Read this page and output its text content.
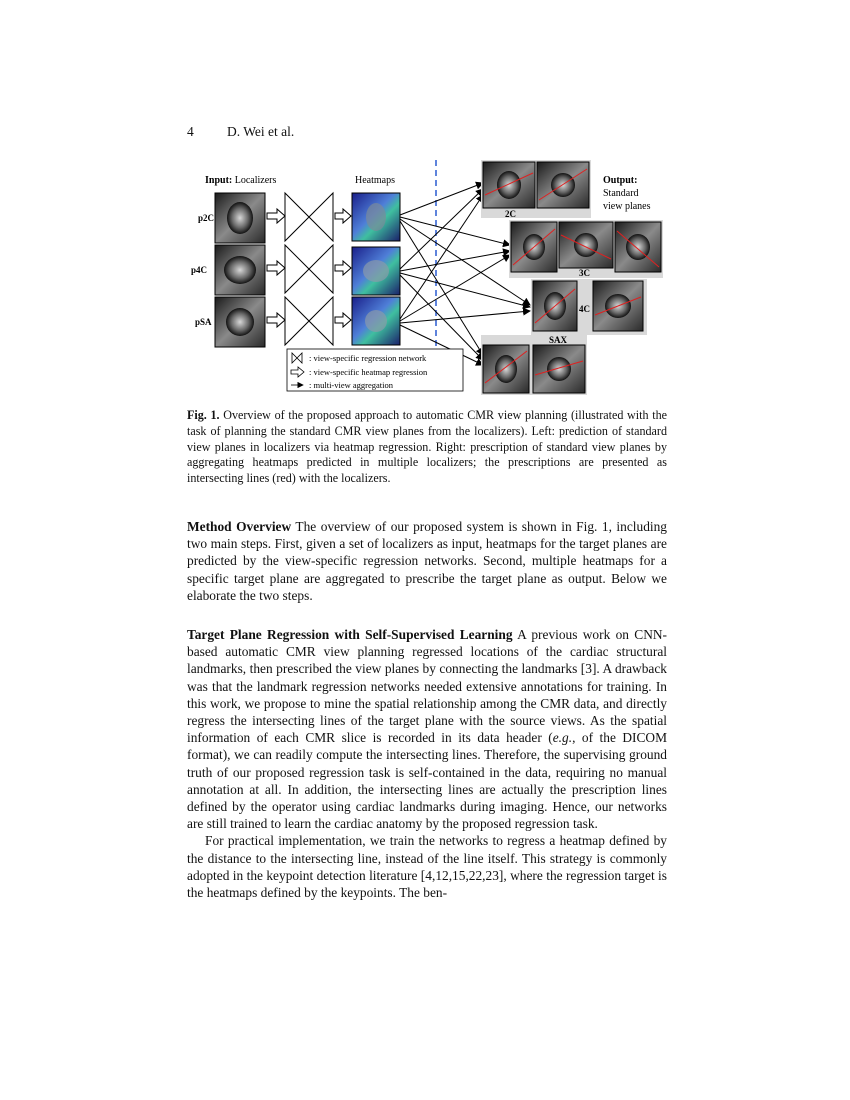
4 D. Wei et al.
Input: Localizers	Heatmaps	Output:
Standard
view planes
p2C
p4C
pSA
2C
3C
4C
SAX
: view-specific regression network
: view-specific heatmap regression
: multi-view aggregation
Fig. 1. Overview of the proposed approach to automatic CMR view planning (illustrated with the task of planning the standard CMR view planes from the localizers). Left: prediction of standard view planes in localizers via heatmap regression. Right: prescription of standard view planes by aggregating heatmaps predicted in multiple localizers; the prescriptions are presented as intersecting lines (red) with the localizers.

Method Overview The overview of our proposed system is shown in Fig. 1, including two main steps. First, given a set of localizers as input, heatmaps for the target planes are predicted by the view-specific regression networks. Second, multiple heatmaps for a specific target plane are aggregated to prescribe the target plane as output. Below we elaborate the two steps.

Target Plane Regression with Self-Supervised Learning A previous work on CNN-based automatic CMR view planning regressed locations of the cardiac structural landmarks, then prescribed the view planes by connecting the landmarks [3]. A drawback was that the landmark regression networks needed extensive annotations for training. In this work, we propose to mine the spatial relationship among the CMR data, and directly regress the intersecting lines of the target plane with the source views. As the spatial information of each CMR slice is recorded in its data header (e.g., of the DICOM format), we can readily compute the intersecting lines. Therefore, the supervising ground truth of our proposed regression task is self-contained in the data, requiring no manual annotation at all. In addition, the intersecting lines are actually the prescription lines defined by the operator using cardiac landmarks during imaging. Hence, our networks are still trained to learn the cardiac anatomy by the proposed regression task.

For practical implementation, we train the networks to regress a heatmap defined by the distance to the intersecting line, instead of the line itself. This strategy is commonly adopted in the keypoint detection literature [4,12,15,22,23], where the regression target is the heatmaps defined by the keypoints. The ben-
